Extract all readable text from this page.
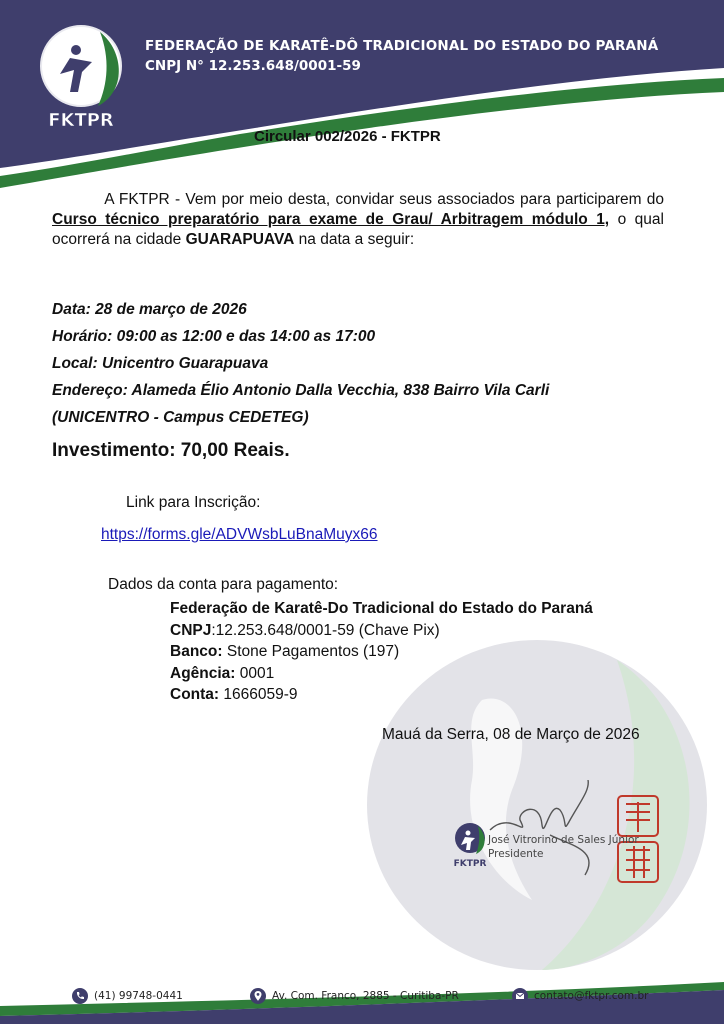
FKTPR
FEDERAÇÃO DE KARATÊ-DÔ TRADICIONAL DO ESTADO DO PARANÁ
CNPJ N° 12.253.648/0001-59
Circular 002/2026 - FKTPR

A FKTPR - Vem por meio desta, convidar seus associados para participarem do Curso técnico preparatório para exame de Grau/ Arbitragem módulo 1, o qual ocorrerá na cidade GUARAPUAVA na data a seguir:

Data: 28 de março de 2026
Horário: 09:00 as 12:00 e das 14:00 as 17:00
Local: Unicentro Guarapuava
Endereço: Alameda Élio Antonio Dalla Vecchia, 838 Bairro Vila Carli
(UNICENTRO - Campus CEDETEG)
Investimento: 70,00 Reais.
Link para Inscrição:
https://forms.gle/ADVWsbLuBnaMuyx66
Dados da conta para pagamento:
Federação de Karatê-Do Tradicional do Estado do Paraná
CNPJ:12.253.648/0001-59 (Chave Pix)
Banco: Stone Pagamentos (197)
Agência: 0001
Conta: 1666059-9
Mauá da Serra, 08 de Março de 2026
FKTPR
José Vitrorino de Sales Júnior
Presidente
(41) 99748-0441	Av. Com. Franco, 2885 - Curitiba-PR	contato@fktpr.com.br
